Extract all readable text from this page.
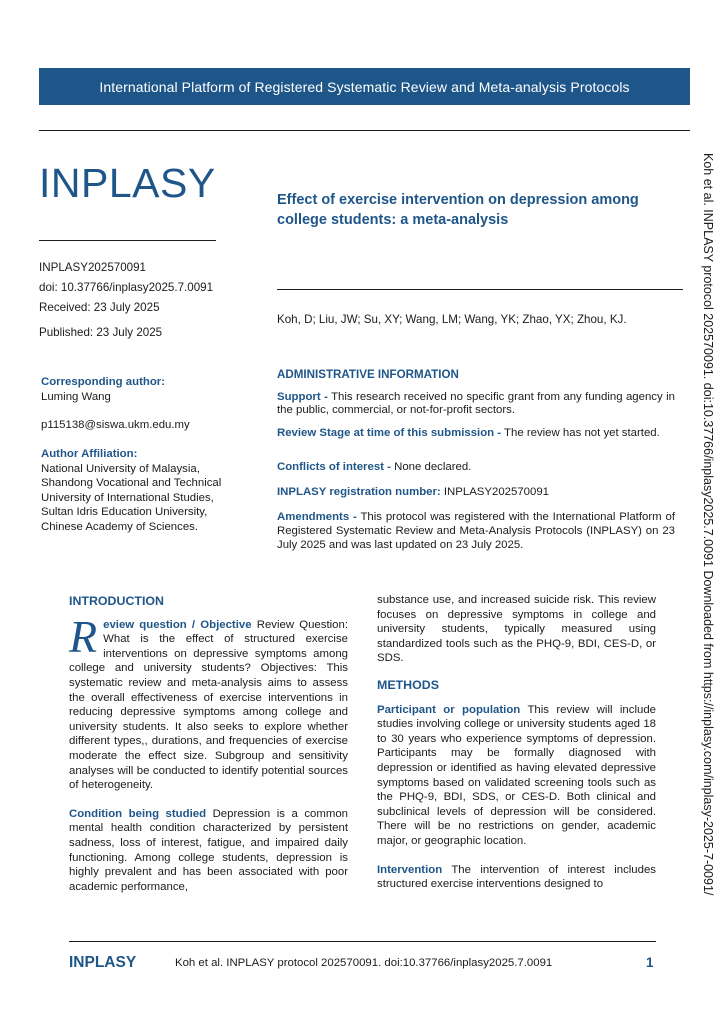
International Platform of Registered Systematic Review and Meta-analysis Protocols
INPLASY
INPLASY202570091
doi: 10.37766/inplasy2025.7.0091
Received: 23 July 2025
Published: 23 July 2025
Effect of exercise intervention on depression among college students: a meta-analysis
Koh, D; Liu, JW; Su, XY; Wang, LM; Wang, YK; Zhao, YX; Zhou, KJ.
Corresponding author:
Luming Wang
p115138@siswa.ukm.edu.my
Author Affiliation:
National University of Malaysia, Shandong Vocational and Technical University of International Studies, Sultan Idris Education University, Chinese Academy of Sciences.
ADMINISTRATIVE INFORMATION
Support - This research received no specific grant from any funding agency in the public, commercial, or not-for-profit sectors.
Review Stage at time of this submission - The review has not yet started.
Conflicts of interest - None declared.
INPLASY registration number: INPLASY202570091
Amendments - This protocol was registered with the International Platform of Registered Systematic Review and Meta-Analysis Protocols (INPLASY) on 23 July 2025 and was last updated on 23 July 2025.

INTRODUCTION

Review question / Objective Review Question: What is the effect of structured exercise interventions on depressive symptoms among college and university students? Objectives: This systematic review and meta-analysis aims to assess the overall effectiveness of exercise interventions in reducing depressive symptoms among college and university students. It also seeks to explore whether different types,, durations, and frequencies of exercise moderate the effect size. Subgroup and sensitivity analyses will be conducted to identify potential sources of heterogeneity.

Condition being studied Depression is a common mental health condition characterized by persistent sadness, loss of interest, fatigue, and impaired daily functioning. Among college students, depression is highly prevalent and has been associated with poor academic performance,

substance use, and increased suicide risk. This review focuses on depressive symptoms in college and university students, typically measured using standardized tools such as the PHQ-9, BDI, CES-D, or SDS.

METHODS

Participant or population This review will include studies involving college or university students aged 18 to 30 years who experience symptoms of depression. Participants may be formally diagnosed with depression or identified as having elevated depressive symptoms based on validated screening tools such as the PHQ-9, BDI, SDS, or CES-D. Both clinical and subclinical levels of depression will be considered. There will be no restrictions on gender, academic major, or geographic location.

Intervention The intervention of interest includes structured exercise interventions designed to	Koh et al. INPLASY protocol 202570091. doi:10.37766/inplasy2025.7.0091 Downloaded from https://inplasy.com/inplasy-2025-7-0091/
INPLASY	Koh et al. INPLASY protocol 202570091. doi:10.37766/inplasy2025.7.0091	1
